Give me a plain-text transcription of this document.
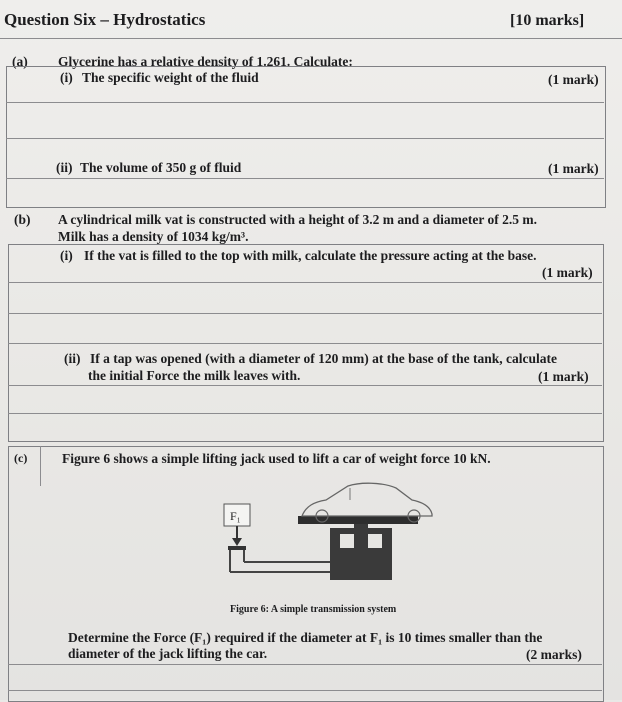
Question Six – Hydrostatics	[10 marks]
(a) Glycerine has a relative density of 1.261. Calculate:
(i) The specific weight of the fluid	(1 mark)
(ii) The volume of 350 g of fluid	(1 mark)
(b) A cylindrical milk vat is constructed with a height of 3.2 m and a diameter of 2.5 m.
Milk has a density of 1034 kg/m³.
(i) If the vat is filled to the top with milk, calculate the pressure acting at the base.
(1 mark)
(ii) If a tap was opened (with a diameter of 120 mm) at the base of the tank, calculate
the initial Force the milk leaves with.	(1 mark)
(c)	Figure 6 shows a simple lifting jack used to lift a car of weight force 10 kN.
F₁
Figure 6: A simple transmission system
Determine the Force (F₁) required if the diameter at F₁ is 10 times smaller than the
diameter of the jack lifting the car.	(2 marks)
